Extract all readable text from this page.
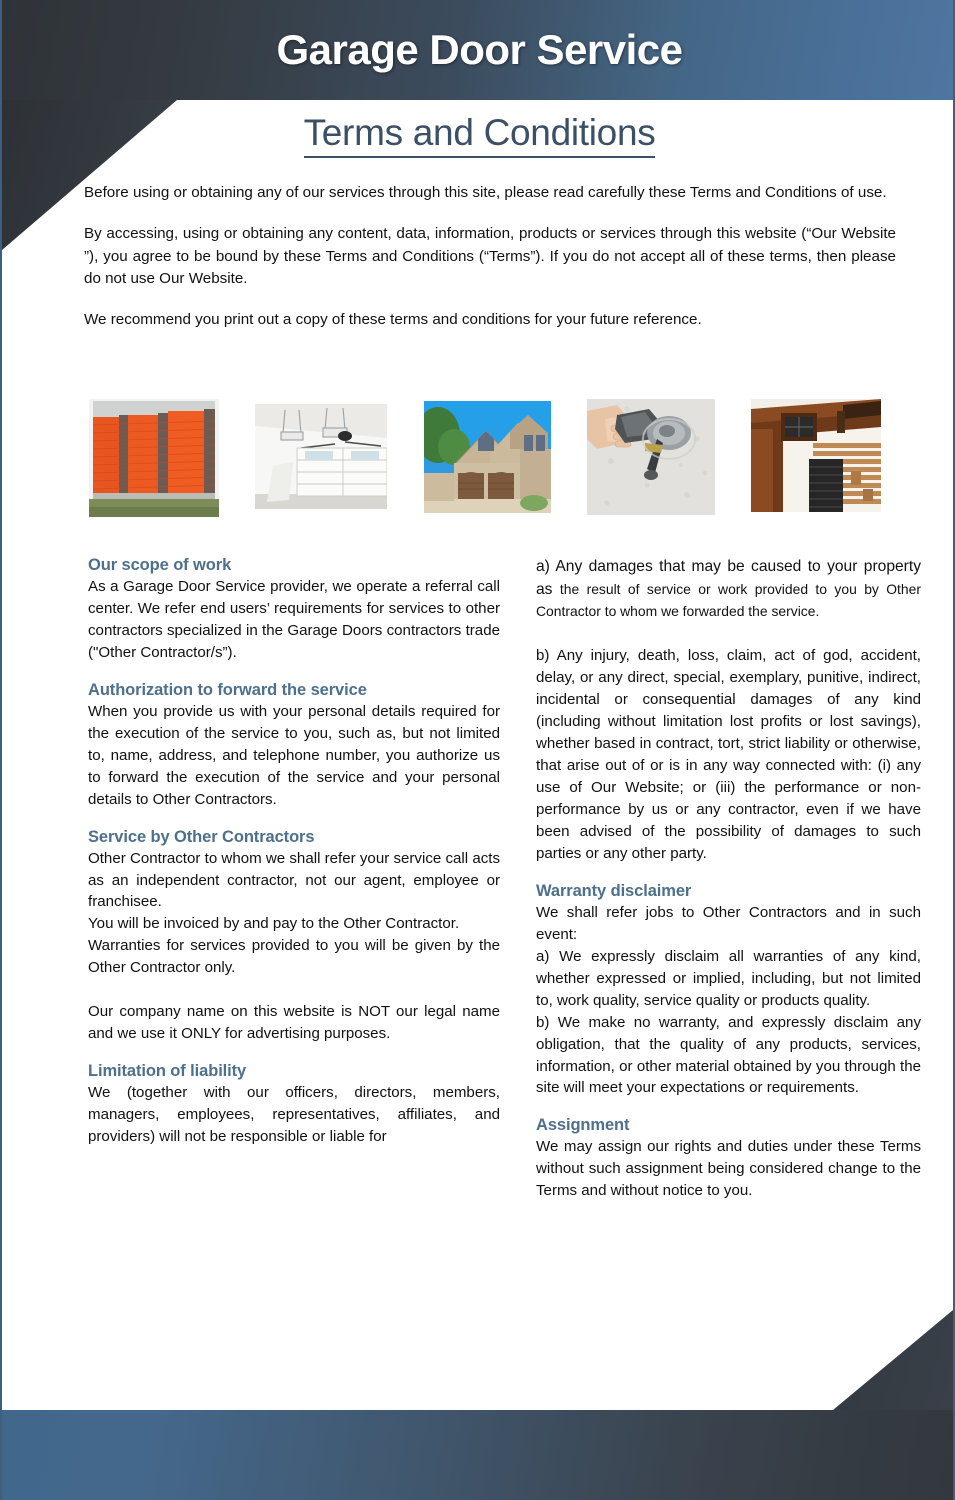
Garage Door Service
Terms and Conditions

Before using or obtaining any of our services through this site, please read carefully these Terms and Conditions of use.

By accessing, using or obtaining any content, data, information, products or services through this website (“Our Website ”), you agree to be bound by these Terms and Conditions (“Terms”). If you do not accept all of these terms, then please do not use Our Website.

We recommend you print out a copy of these terms and conditions for your future reference.

Our scope of work
As a Garage Door Service provider, we operate a referral call center. We refer end users’ requirements for services to other contractors specialized in the Garage Doors contractors trade ("Other Contractor/s”).
Authorization to forward the service
When you provide us with your personal details required for the execution of the service to you, such as, but not limited to, name, address, and telephone number, you authorize us to forward the execution of the service and your personal details to Other Contractors.
Service by Other Contractors
Other Contractor to whom we shall refer your service call acts as an independent contractor, not our agent, employee or franchisee.
You will be invoiced by and pay to the Other Contractor.
Warranties for services provided to you will be given by the Other Contractor only.
Our company name on this website is NOT our legal name and we use it ONLY for advertising purposes.
Limitation of liability
We (together with our officers, directors, members, managers, employees, representatives, affiliates, and providers) will not be responsible or liable for
a) Any damages that may be caused to your property as the result of service or work provided to you by Other Contractor to whom we forwarded the service.
b) Any injury, death, loss, claim, act of god, accident, delay, or any direct, special, exemplary, punitive, indirect, incidental or consequential damages of any kind (including without limitation lost profits or lost savings), whether based in contract, tort, strict liability or otherwise, that arise out of or is in any way connected with: (i) any use of Our Website; or (iii) the performance or non-performance by us or any contractor, even if we have been advised of the possibility of damages to such parties or any other party.
Warranty disclaimer
We shall refer jobs to Other Contractors and in such event:
a) We expressly disclaim all warranties of any kind, whether expressed or implied, including, but not limited to, work quality, service quality or products quality.
b) We make no warranty, and expressly disclaim any obligation, that the quality of any products, services, information, or other material obtained by you through the site will meet your expectations or requirements.
Assignment
We may assign our rights and duties under these Terms without such assignment being considered change to the Terms and without notice to you.
